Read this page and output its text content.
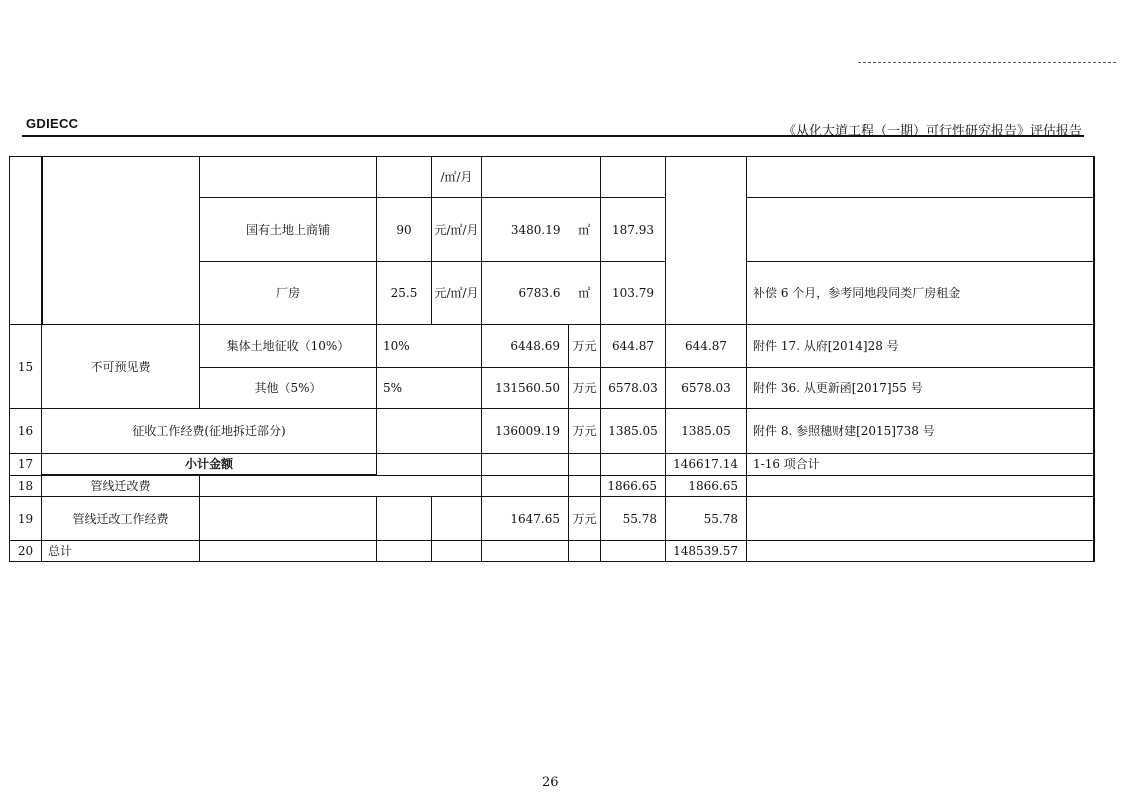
GDIECC
《从化大道工程（一期）可行性研究报告》评估报告
				/㎡/月					
		国有土地上商铺	90	元/㎡/月	3480.19	㎡	187.93		
		厂房	25.5	元/㎡/月	6783.6	㎡	103.79		补偿 6 个月，参考同地段同类厂房租金
15	不可预见费	集体土地征收（10%）	10%		6448.69	万元	644.87	644.87	附件 17. 从府[2014]28 号
		其他（5%）	5%		131560.50	万元	6578.03	6578.03	附件 36. 从更新函[2017]55 号
16	征收工作经费(征地拆迁部分)				136009.19	万元	1385.05	1385.05	附件 8. 参照穗财建[2015]738 号
17	小计金额							146617.14	1-16 项合计
18	管线迁改费						1866.65	1866.65	
19	管线迁改工作经费				1647.65	万元	55.78	55.78	
20	总计							148539.57	
26
